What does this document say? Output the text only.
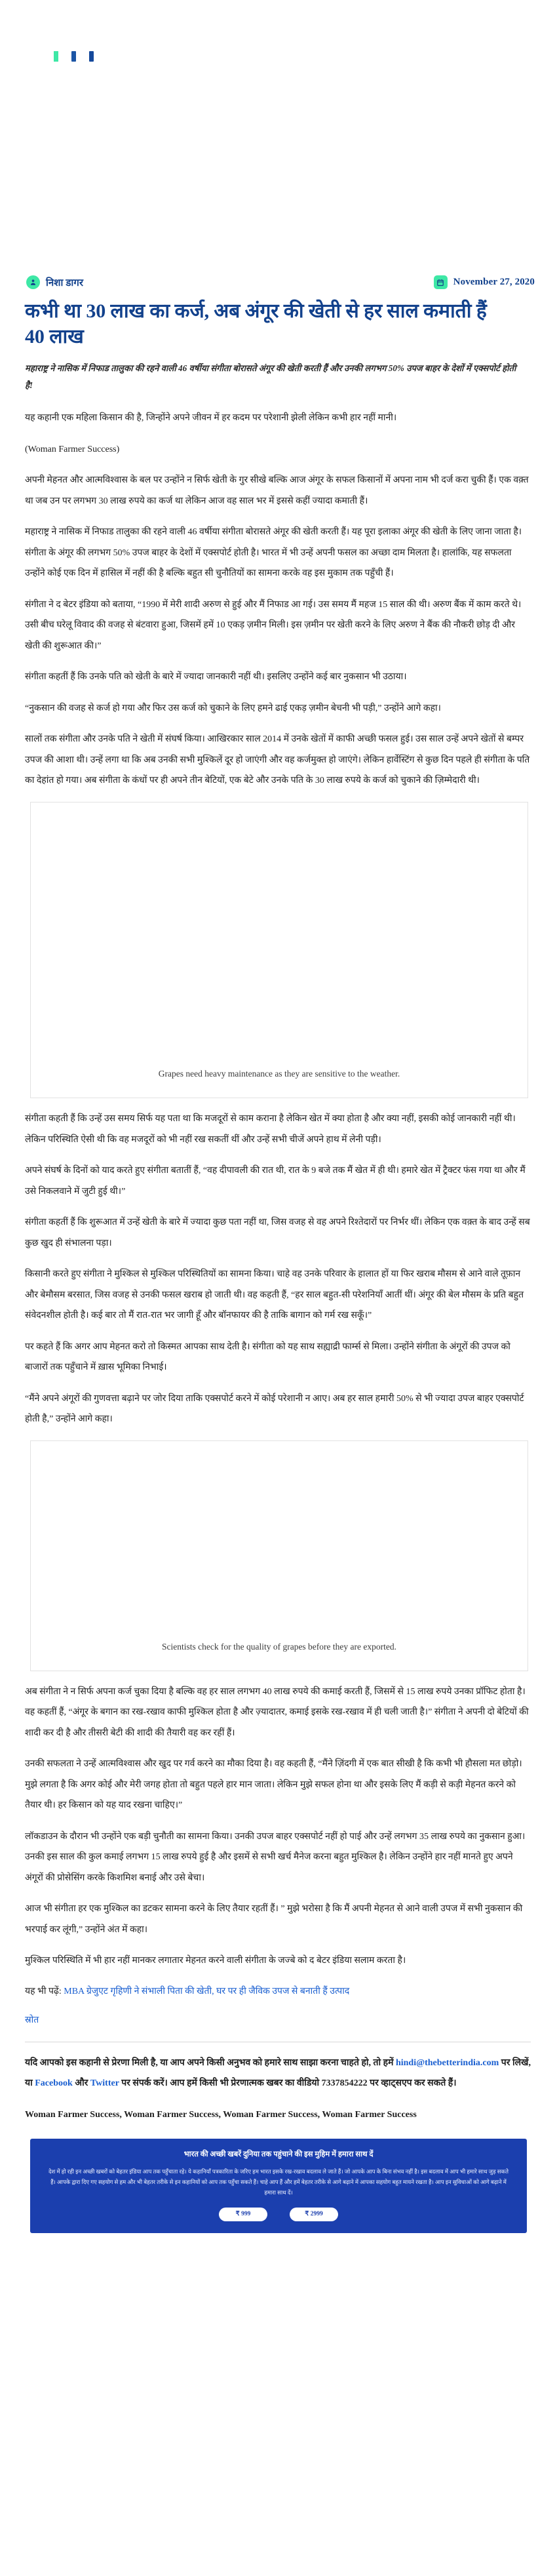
निशा डागर	November 27, 2020
कभी था 30 लाख का कर्ज, अब अंगूर की खेती से हर साल कमाती हैं 40 लाख

महाराष्ट्र ने नासिक में निफाड तालुका की रहने वाली 46 वर्षीया संगीता बोरासते अंगूर की खेती करती हैं और उनकी लगभग 50% उपज बाहर के देशों में एक्सपोर्ट होती है!

यह कहानी एक महिला किसान की है, जिन्होंने अपने जीवन में हर कदम पर परेशानी झेली लेकिन कभी हार नहीं मानी।

(Woman Farmer Success)

अपनी मेहनत और आत्मविश्वास के बल पर उन्होंने न सिर्फ खेती के गुर सीखे बल्कि आज अंगूर के सफल किसानों में अपना नाम भी दर्ज करा चुकी हैं। एक वक़्त था जब उन पर लगभग 30 लाख रुपये का कर्ज था लेकिन आज वह साल भर में इससे कहीं ज्यादा कमाती हैं।

महाराष्ट्र ने नासिक में निफाड तालुका की रहने वाली 46 वर्षीया संगीता बोरासते अंगूर की खेती करती हैं। यह पूरा इलाका अंगूर की खेती के लिए जाना जाता है। संगीता के अंगूर की लगभग 50% उपज बाहर के देशों में एक्सपोर्ट होती है। भारत में भी उन्हें अपनी फसल का अच्छा दाम मिलता है। हालांकि, यह सफलता उन्होंने कोई एक दिन में हासिल में नहीं की है बल्कि बहुत सी चुनौतियों का सामना करके वह इस मुकाम तक पहुँची हैं।

संगीता ने द बेटर इंडिया को बताया, “1990 में मेरी शादी अरुण से हुई और मैं निफाड आ गई। उस समय मैं महज 15 साल की थी। अरुण बैंक में काम करते थे। उसी बीच घरेलू विवाद की वजह से बंटवारा हुआ, जिसमें हमें 10 एकड़ ज़मीन मिली। इस ज़मीन पर खेती करने के लिए अरुण ने बैंक की नौकरी छोड़ दी और खेती की शुरूआत की।”

संगीता कहतीं हैं कि उनके पति को खेती के बारे में ज्यादा जानकारी नहीं थी। इसलिए उन्होंने कई बार नुकसान भी उठाया।

“नुकसान की वजह से कर्ज हो गया और फिर उस कर्ज को चुकाने के लिए हमने ढाई एकड़ ज़मीन बेचनी भी पड़ी,” उन्होंने आगे कहा।

सालों तक संगीता और उनके पति ने खेती में संघर्ष किया। आखिरकार साल 2014 में उनके खेतों में काफी अच्छी फसल हुई। उस साल उन्हें अपने खेतों से बम्पर उपज की आशा थी। उन्हें लगा था कि अब उनकी सभी मुश्किलें दूर हो जाएंगी और वह कर्जमुक्त हो जाएंगे। लेकिन हार्वेस्टिंग से कुछ दिन पहले ही संगीता के पति का देहांत हो गया। अब संगीता के कंधों पर ही अपने तीन बेटियों, एक बेटे और उनके पति के 30 लाख रुपये के कर्ज को चुकाने की ज़िम्मेदारी थी।

Grapes need heavy maintenance as they are sensitive to the weather.

संगीता कहती हैं कि उन्हें उस समय सिर्फ यह पता था कि मजदूरों से काम कराना है लेकिन खेत में क्या होता है और क्या नहीं, इसकी कोई जानकारी नहीं थी। लेकिन परिस्थिति ऐसी थी कि वह मजदूरों को भी नहीं रख सकतीं थीं और उन्हें सभी चीजें अपने हाथ में लेनी पड़ी।

अपने संघर्ष के दिनों को याद करते हुए संगीता बतातीं हैं, “वह दीपावली की रात थी, रात के 9 बजे तक मैं खेत में ही थी। हमारे खेत में ट्रैक्टर फंस गया था और मैं उसे निकलवाने में जुटी हुई थी।”

संगीता कहतीं हैं कि शुरूआत में उन्हें खेती के बारे में ज्यादा कुछ पता नहीं था, जिस वजह से वह अपने रिश्तेदारों पर निर्भर थीं। लेकिन एक वक़्त के बाद उन्हें सब कुछ खुद ही संभालना पड़ा।

किसानी करते हुए संगीता ने मुश्किल से मुश्किल परिस्थितियों का सामना किया। चाहे वह उनके परिवार के हालात हों या फिर खराब मौसम से आने वाले तूफ़ान और बेमौसम बरसात, जिस वजह से उनकी फसल खराब हो जाती थी। वह कहती हैं, “हर साल बहुत-सी परेशनियाँ आतीं थीं। अंगूर की बेल मौसम के प्रति बहुत संवेदनशील होती है। कई बार तो मैं रात-रात भर जागी हूँ और बॉनफायर की है ताकि बागान को गर्म रख सकूँ।”

पर कहते हैं कि अगर आप मेहनत करो तो किस्मत आपका साथ देती है। संगीता को यह साथ सह्याद्री फार्म्स से मिला। उन्होंने संगीता के अंगूरों की उपज को बाजारों तक पहुँचाने में ख़ास भूमिका निभाई।

“मैंने अपने अंगूरों की गुणवत्ता बढ़ाने पर जोर दिया ताकि एक्सपोर्ट करने में कोई परेशानी न आए। अब हर साल हमारी 50% से भी ज्यादा उपज बाहर एक्सपोर्ट होती है,” उन्होंने आगे कहा।

Scientists check for the quality of grapes before they are exported.

अब संगीता ने न सिर्फ अपना कर्ज चुका दिया है बल्कि वह हर साल लगभग 40 लाख रुपये की कमाई करती हैं, जिसमें से 15 लाख रुपये उनका प्रॉफिट होता है। वह कहतीं हैं, “अंगूर के बगान का रख-रखाव काफी मुश्किल होता है और ज़्यादातर, कमाई इसके रख-रखाव में ही चली जाती है।” संगीता ने अपनी दो बेटियों की शादी कर दी है और तीसरी बेटी की शादी की तैयारी वह कर रहीं हैं।

उनकी सफलता ने उन्हें आत्मविश्वास और खुद पर गर्व करने का मौका दिया है। वह कहती हैं, “मैंने ज़िंदगी में एक बात सीखी है कि कभी भी हौसला मत छोड़ो। मुझे लगता है कि अगर कोई और मेरी जगह होता तो बहुत पहले हार मान जाता। लेकिन मुझे सफल होना था और इसके लिए मैं कड़ी से कड़ी मेहनत करने को तैयार थी। हर किसान को यह याद रखना चाहिए।”

लॉकडाउन के दौरान भी उन्होंने एक बड़ी चुनौती का सामना किया। उनकी उपज बाहर एक्सपोर्ट नहीं हो पाई और उन्हें लगभग 35 लाख रुपये का नुकसान हुआ। उनकी इस साल की कुल कमाई लगभग 15 लाख रुपये हुई है और इसमें से सभी खर्च मैनेज करना बहुत मुश्किल है। लेकिन उन्होंने हार नहीं मानते हुए अपने अंगूरों की प्रोसेसिंग करके किशमिश बनाई और उसे बेचा।

आज भी संगीता हर एक मुश्किल का डटकर सामना करने के लिए तैयार रहतीं हैं। ” मुझे भरोसा है कि मैं अपनी मेहनत से आने वाली उपज में सभी नुकसान की भरपाई कर लूंगी,” उन्होंने अंत में कहा।

मुश्किल परिस्थिति में भी हार नहीं मानकर लगातार मेहनत करने वाली संगीता के जज्बे को द बेटर इंडिया सलाम करता है।

यह भी पढ़ें: MBA ग्रेजुएट गृहिणी ने संभाली पिता की खेती, घर पर ही जैविक उपज से बनाती हैं उत्पाद

स्रोत

यदि आपको इस कहानी से प्रेरणा मिली है, या आप अपने किसी अनुभव को हमारे साथ साझा करना चाहते हो, तो हमें hindi@thebetterindia.com पर लिखें, या Facebook और Twitter पर संपर्क करें। आप हमें किसी भी प्रेरणात्मक खबर का वीडियो 7337854222 पर व्हाट्सएप कर सकते हैं।

Woman Farmer Success, Woman Farmer Success, Woman Farmer Success, Woman Farmer Success

भारत की अच्छी खबरें दुनिया तक पहुंचाने की इस मुहिम में हमारा साथ दें
देश में हो रही इन अच्छी खबरों को बेहतर इंडिया आप तक पहुँचाता रहे। ये कहानियाँ पत्रकारिता के जरिए हम भारत इसके रख-रखाव बदलाव ले जाते हैं। जो आपके आप के बिना संभव नहीं है। इस बदलाव में आप भी हमारे साथ जुड़ सकते हैं। आपके द्वारा दिए गए सहयोग से हम और भी बेहतर तरीके से इन कहानियों को आप तक पहुँचा सकते हैं। चाहे आप हैं और हमें बेहतर तरीके से आगे बढ़ाने में आपका सहयोग बहुत मायने रखता है। आप इन सुविधाओं को आगे बढ़ाने में हमारा साथ दें।
₹ 999	₹ 2999
